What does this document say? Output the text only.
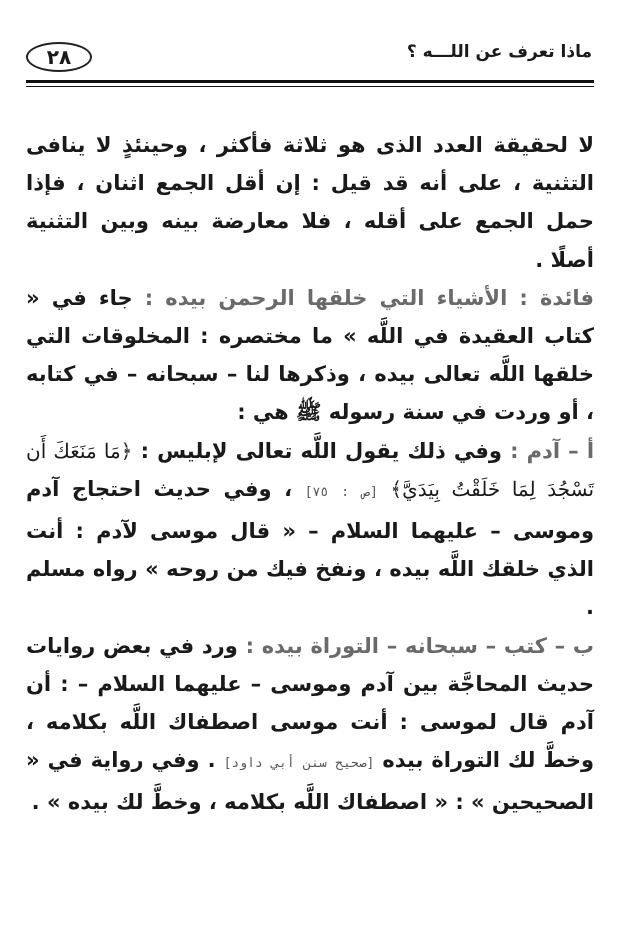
٢٨	ماذا تعرف عن اللـــه ؟

لا لحقيقة العدد الذى هو ثلاثة فأكثر ، وحينئذٍ لا ينافى التثنية ، على أنه قد قيل : إن أقل الجمع اثنان ، فإذا حمل الجمع على أقله ، فلا معارضة بينه وبين التثنية أصلًا .

فائدة : الأشياء التي خلقها الرحمن بيده : جاء في « كتاب العقيدة في اللَّه » ما مختصره : المخلوقات التي خلقها اللَّه تعالى بيده ، وذكرها لنا – سبحانه – في كتابه ، أو وردت في سنة رسوله ﷺ هي :

أ – آدم : وفي ذلك يقول اللَّه تعالى لإبليس : ﴿مَا مَنَعَكَ أَن تَسْجُدَ لِمَا خَلَقْتُ بِيَدَيَّ﴾ [ص : ٧٥] ، وفي حديث احتجاج آدم وموسى – عليهما السلام – « قال موسى لآدم : أنت الذي خلقك اللَّه بيده ، ونفخ فيك من روحه » رواه مسلم .

ب – كتب – سبحانه – التوراة بيده : ورد في بعض روايات حديث المحاجَّة بين آدم وموسى – عليهما السلام – : أن آدم قال لموسى : أنت موسى اصطفاك اللَّه بكلامه ، وخطَّ لك التوراة بيده [صحيح سنن أبي داود] . وفي رواية في « الصحيحين » : « اصطفاك اللَّه بكلامه ، وخطَّ لك بيده » .
